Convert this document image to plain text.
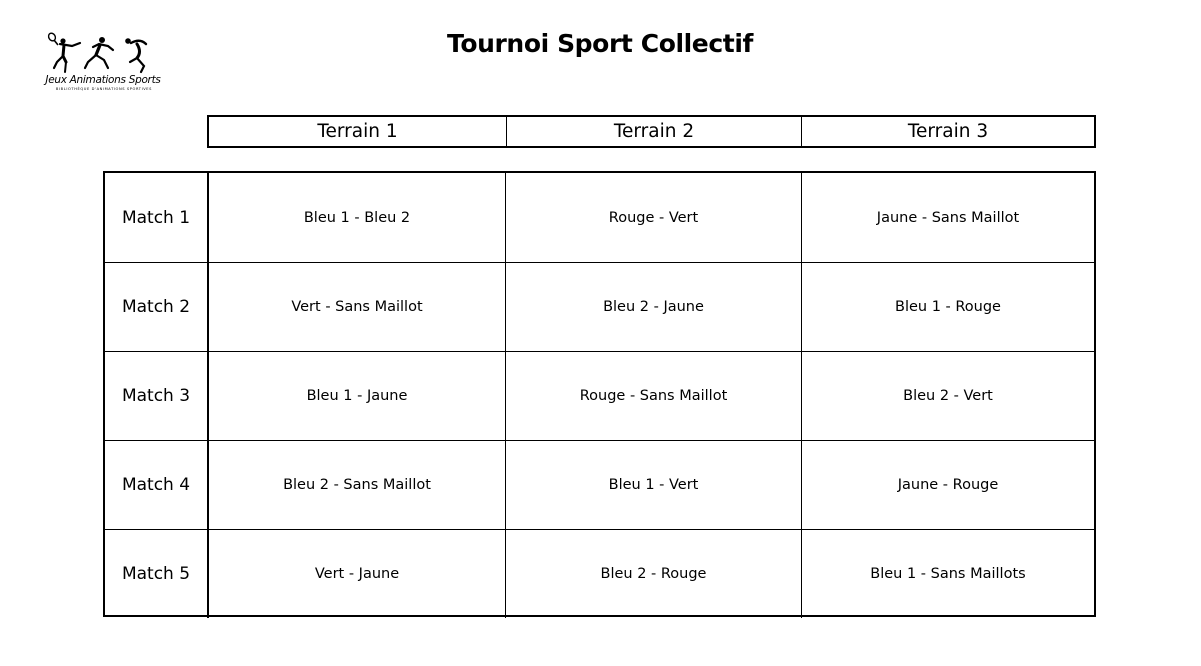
Jeux Animations Sports
BIBLIOTHÈQUE D'ANIMATIONS SPORTIVES
Tournoi Sport Collectif
Terrain 1	Terrain 2	Terrain 3
Match 1	Bleu 1 - Bleu 2	Rouge - Vert	Jaune - Sans Maillot
Match 2	Vert - Sans Maillot	Bleu 2 - Jaune	Bleu 1 - Rouge
Match 3	Bleu 1 - Jaune	Rouge - Sans Maillot	Bleu 2 - Vert
Match 4	Bleu 2 - Sans Maillot	Bleu 1 - Vert	Jaune - Rouge
Match 5	Vert - Jaune	Bleu 2 - Rouge	Bleu 1 - Sans Maillots
